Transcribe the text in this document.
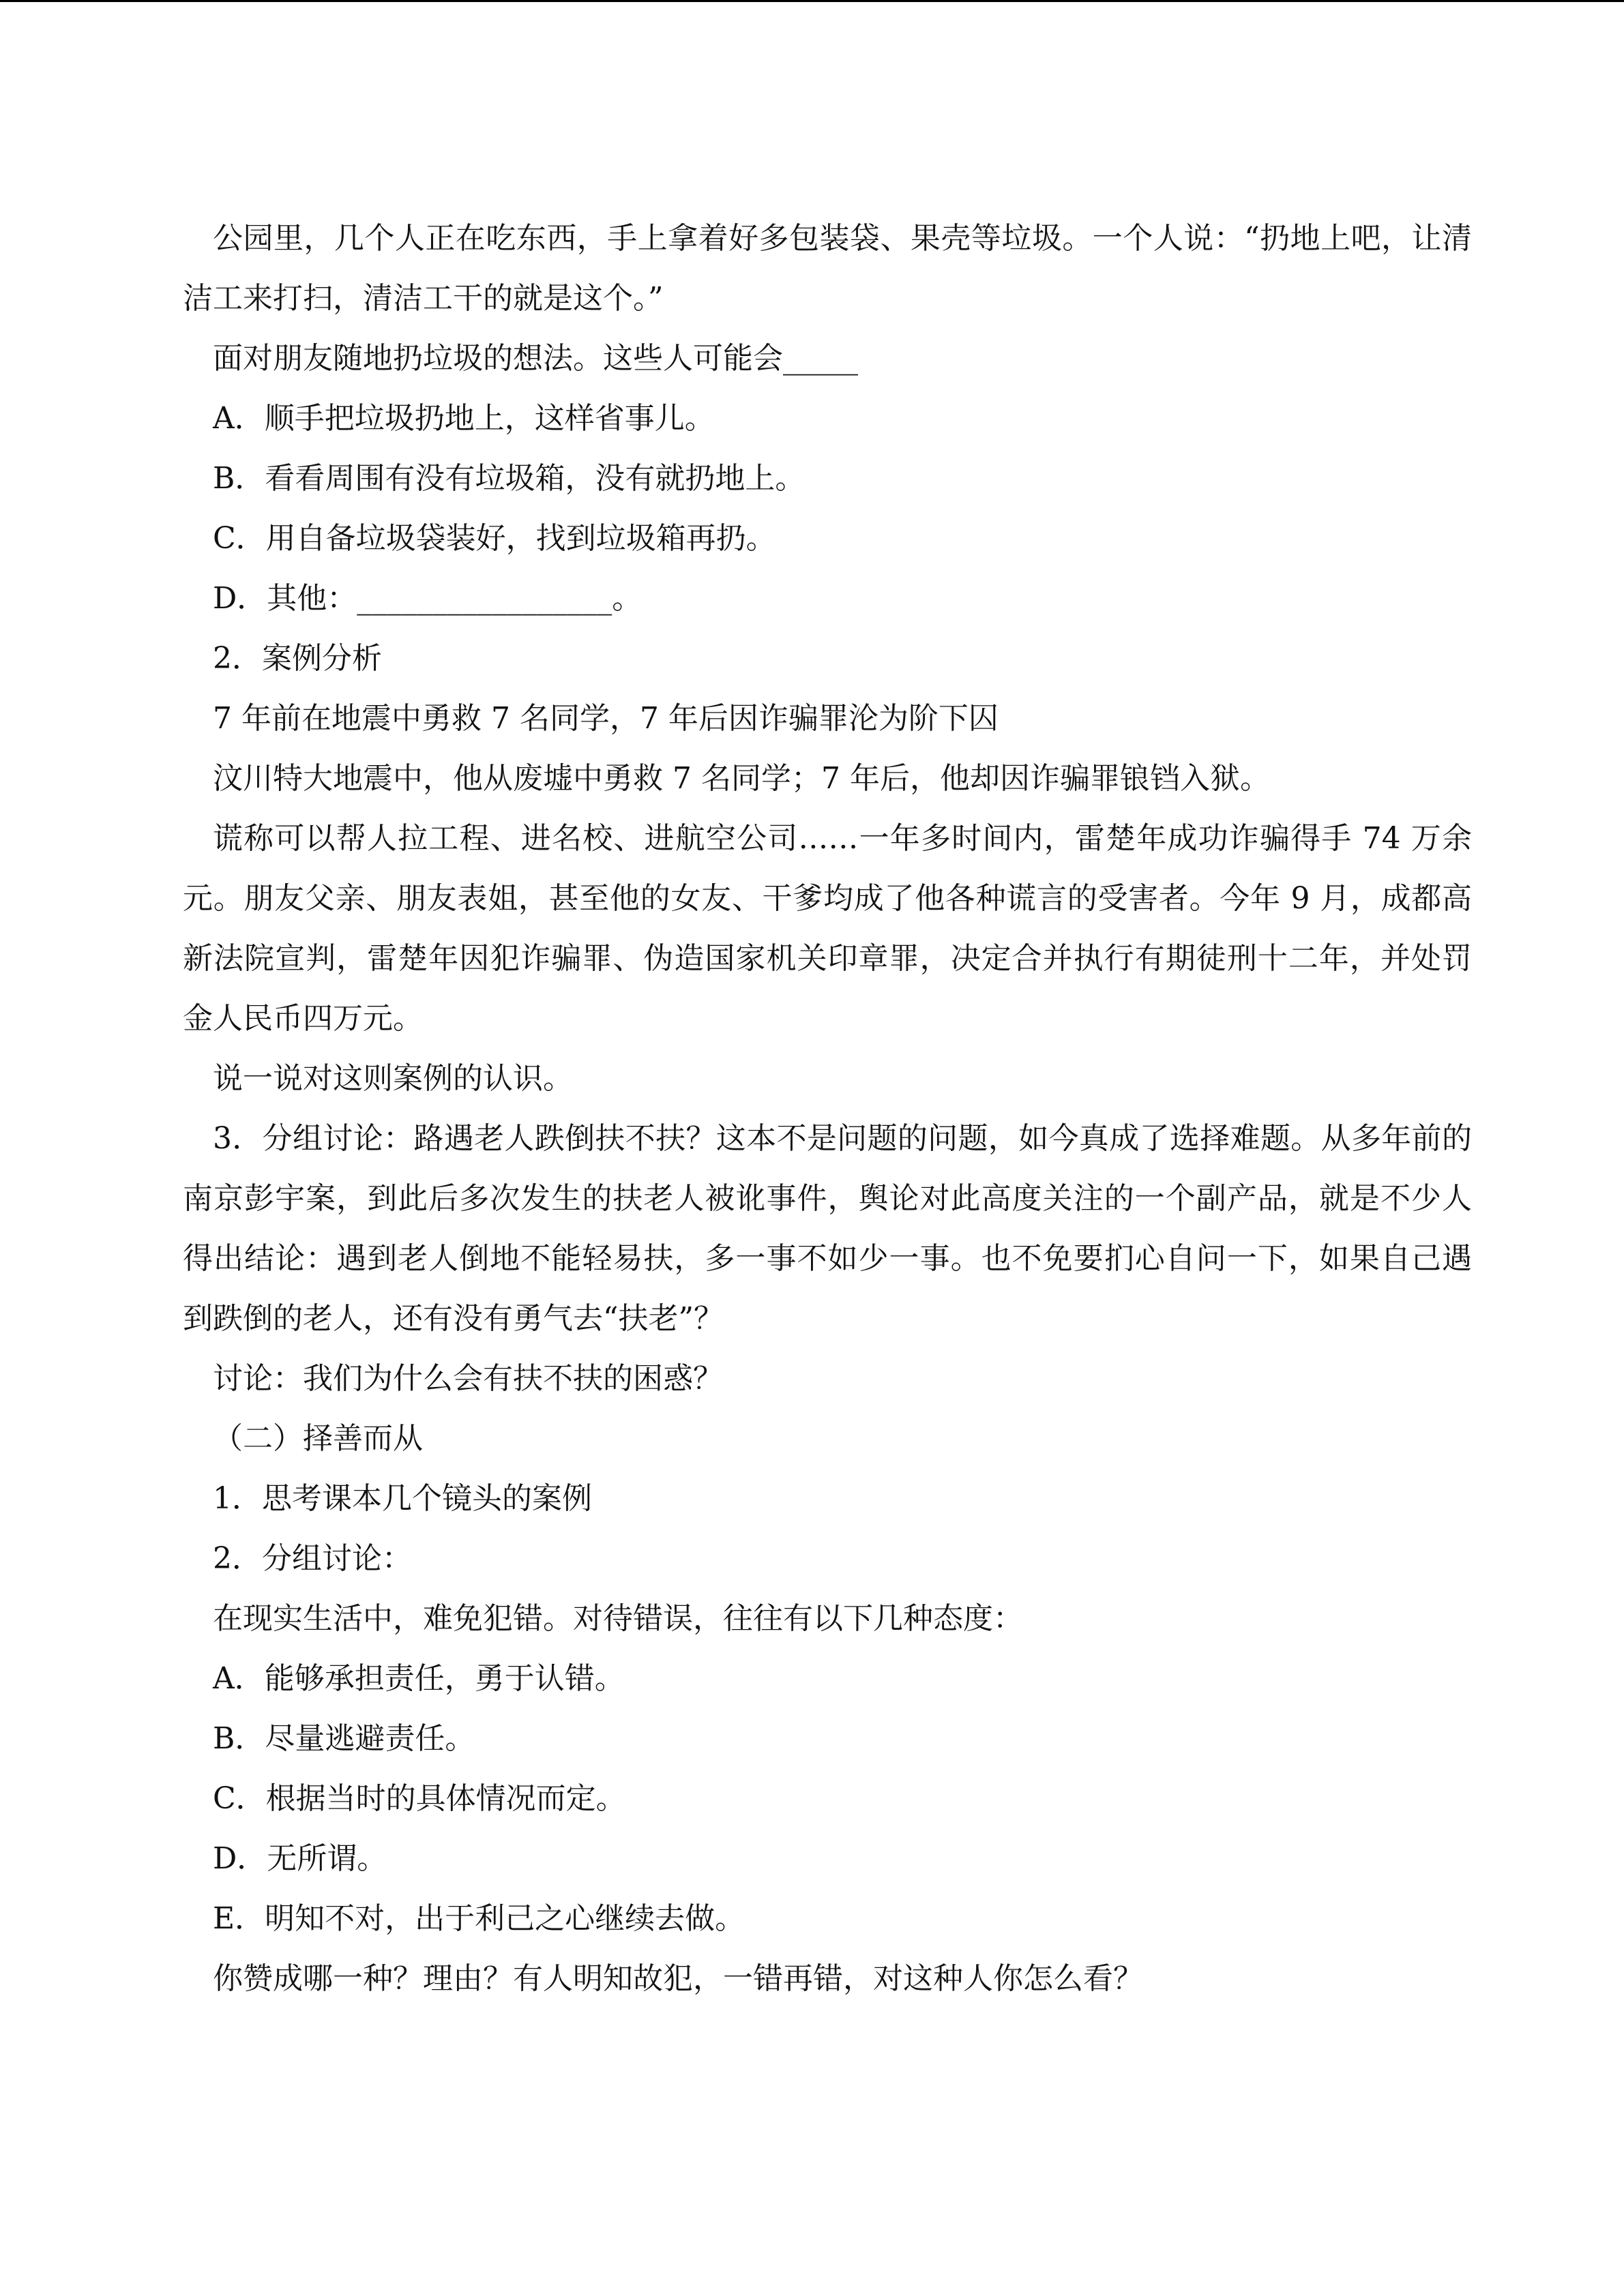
公园里，几个人正在吃东西，手上拿着好多包装袋、果壳等垃圾。一个人说：“扔地上吧，让清洁工来打扫，清洁工干的就是这个。”

面对朋友随地扔垃圾的想法。这些人可能会_____

A．顺手把垃圾扔地上，这样省事儿。

B．看看周围有没有垃圾箱，没有就扔地上。

C．用自备垃圾袋装好，找到垃圾箱再扔。

D．其他：_________________。

2．案例分析

7 年前在地震中勇救 7 名同学，7 年后因诈骗罪沦为阶下囚

汶川特大地震中，他从废墟中勇救 7 名同学；7 年后，他却因诈骗罪锒铛入狱。

谎称可以帮人拉工程、进名校、进航空公司……一年多时间内，雷楚年成功诈骗得手 74 万余元。朋友父亲、朋友表姐，甚至他的女友、干爹均成了他各种谎言的受害者。今年 9 月，成都高新法院宣判，雷楚年因犯诈骗罪、伪造国家机关印章罪，决定合并执行有期徒刑十二年，并处罚金人民币四万元。

说一说对这则案例的认识。

3．分组讨论：路遇老人跌倒扶不扶？这本不是问题的问题，如今真成了选择难题。从多年前的南京彭宇案，到此后多次发生的扶老人被讹事件，舆论对此高度关注的一个副产品，就是不少人得出结论：遇到老人倒地不能轻易扶，多一事不如少一事。也不免要扪心自问一下，如果自己遇到跌倒的老人，还有没有勇气去“扶老”？

讨论：我们为什么会有扶不扶的困惑？

（二）择善而从

1．思考课本几个镜头的案例

2．分组讨论：

在现实生活中，难免犯错。对待错误，往往有以下几种态度：

A．能够承担责任，勇于认错。

B．尽量逃避责任。

C．根据当时的具体情况而定。

D．无所谓。

E．明知不对，出于利己之心继续去做。

你赞成哪一种？理由？有人明知故犯，一错再错，对这种人你怎么看？
